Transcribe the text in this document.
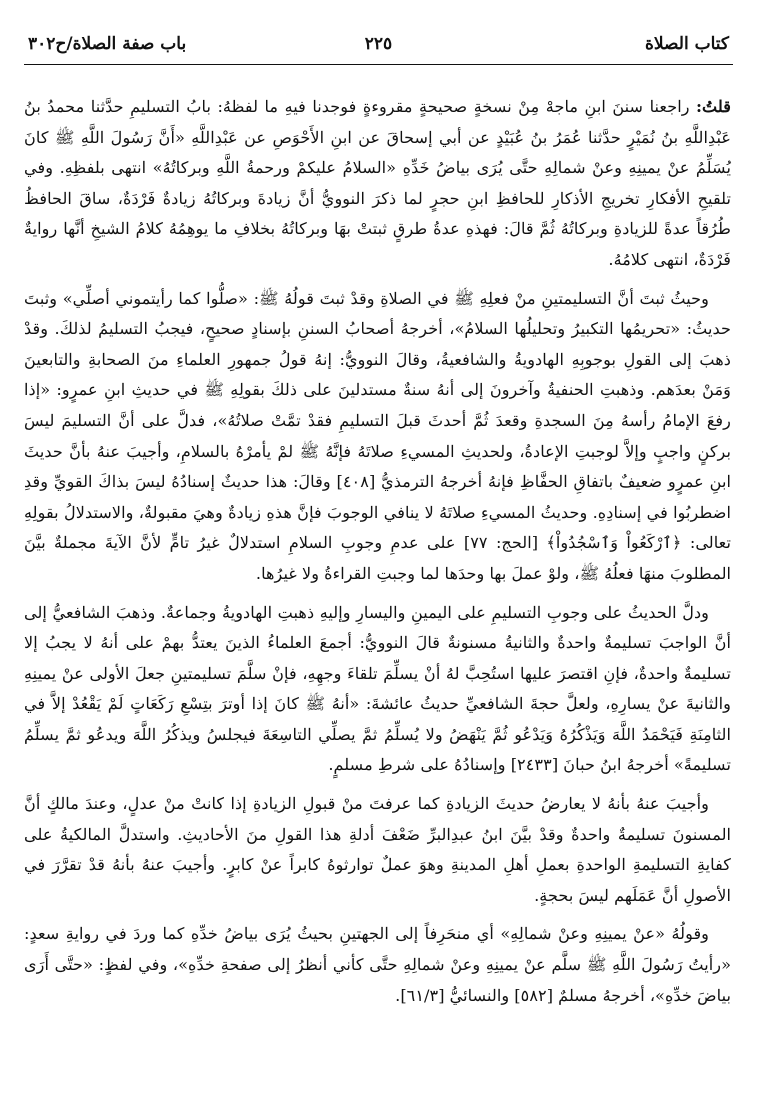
كتاب الصلاة
٢٢٥
باب صفة الصلاة/ح٣٠٢

قلتُ: راجعنا سننَ ابنِ ماجهْ مِنْ نسخةٍ صحيحةٍ مقروءةٍ فوجدنا فيهِ ما لفظهُ: بابُ التسليمِ حدَّثنا محمدُ بنُ عَبْدِاللَّهِ بنُ نُمَيْرٍ حدَّثنا عُمَرُ بنُ عُبَيْدٍ عن أبي إسحاقَ عن ابنِ الأَحْوَصِ عن عَبْدِاللَّهِ «أَنَّ رَسُولَ اللَّهِ ﷺ كانَ يُسَلِّمُ عنْ يمينِهِ وعنْ شمالِهِ حتَّى يُرَى بياضُ خَدِّهِ «السلامُ عليكمْ ورحمةُ اللَّهِ وبركاتُهُ» انتهى بلفظِهِ. وفي تلقيحِ الأفكارِ تخريجِ الأذكارِ للحافظِ ابنِ حجرٍ لما ذكرَ النوويُّ أنَّ زيادةَ وبركاتُهُ زيادةٌ فَرْدَةٌ، ساقَ الحافظُ طُرُقاً عدةً للزيادةِ وبركاتُهُ ثُمَّ قالَ: فهذهِ عدةُ طرقٍ ثبتتْ بهَا وبركاتُهُ بخلافِ ما يوهِمُهُ كلامُ الشيخِ أنَّها روايةٌ فَرْدَةٌ، انتهى كلامُهُ.

وحيثُ ثبتَ أنَّ التسليمتينِ منْ فعلِهِ ﷺ في الصلاةِ وقدْ ثبتَ قولُهُ ﷺ: «صلُّوا كما رأيتموني أصلِّي» وثبتَ حديثُ: «تحريمُها التكبيرُ وتحليلُها السلامُ»، أخرجهُ أصحابُ السننِ بإسنادٍ صحيحٍ، فيجبُ التسليمُ لذلكَ. وقدْ ذهبَ إلى القولِ بوجوبِهِ الهادويةُ والشافعيةُ، وقالَ النوويُّ: إنهُ قولُ جمهورِ العلماءِ منَ الصحابةِ والتابعينَ وَمَنْ بعدَهم. وذهبتِ الحنفيةُ وآخرونَ إلى أنهُ سنةٌ مستدلينَ على ذلكَ بقولِهِ ﷺ في حديثِ ابنِ عمرٍو: «إذا رفعَ الإمامُ رأسهُ مِنَ السجدةِ وقعدَ ثُمَّ أحدثَ قبلَ التسليمِ فقدْ تمَّتْ صلاتُهُ»، فدلَّ على أنَّ التسليمَ ليسَ بركنٍ واجبٍ وإلاَّ لوجبتِ الإعادةُ، ولحديثِ المسيءِ صلاتَهُ فإنَّهُ ﷺ لمْ يأمرْهُ بالسلامِ، وأجيبَ عنهُ بأنَّ حديثَ ابنِ عمرٍو ضعيفٌ باتفاقِ الحفَّاظِ فإنهُ أخرجهُ الترمذيُّ [٤٠٨] وقالَ: هذا حديثٌ إسنادُهُ ليسَ بذاكَ القويِّ وقدِ اضطربُوا في إسنادِهِ. وحديثُ المسيءِ صلاتَهُ لا ينافي الوجوبَ فإنَّ هذهِ زيادةٌ وهيَ مقبولةٌ، والاستدلالُ بقولِهِ تعالى: ﴿ٱرْكَعُواْ وَٱسْجُدُواْ﴾ [الحج: ٧٧] على عدمِ وجوبِ السلامِ استدلالٌ غيرُ تامٍّ لأنَّ الآيةَ مجملةٌ بيَّنَ المطلوبَ منهَا فعلُهُ ﷺ، ولوْ عملَ بها وحدَها لما وجبتِ القراءةُ ولا غيرُها.

ودلَّ الحديثُ على وجوبِ التسليمِ على اليمينِ واليسارِ وإليهِ ذهبتِ الهادويةُ وجماعةٌ. وذهبَ الشافعيُّ إلى أنَّ الواجبَ تسليمةٌ واحدةٌ والثانيةُ مسنونةٌ قالَ النوويُّ: أجمعَ العلماءُ الذينَ يعتدُّ بهمْ على أنهُ لا يجبُ إلا تسليمةٌ واحدةٌ، فإنِ اقتصرَ عليها استُحِبَّ لهُ أنْ يسلِّمَ تلقاءَ وجهِهِ، فإنْ سلَّمَ تسليمتينِ جعلَ الأولى عنْ يمينِهِ والثانيةَ عنْ يسارِهِ، ولعلَّ حجةَ الشافعيِّ حديثُ عائشةَ: «أنهُ ﷺ كانَ إذا أوترَ بتِسْعِ رَكَعَاتٍ لَمْ يَقْعُدْ إلاَّ في الثامِنَةِ فَيَحْمَدُ اللَّهَ وَيَذْكُرُهُ وَيَدْعُو ثُمَّ يَنْهَضُ ولا يُسلِّمُ ثمَّ يصلِّي التاسِعَةَ فيجلسُ ويذكُرُ اللَّهَ ويدعُو ثمَّ يسلِّمُ تسليمةً» أخرجهُ ابنُ حبانَ [٢٤٣٣] وإسنادُهُ على شرطِ مسلمٍ.

وأجيبَ عنهُ بأنهُ لا يعارضُ حديثَ الزيادةِ كما عرفتَ منْ قبولِ الزيادةِ إذا كانتْ منْ عدلٍ، وعندَ مالكٍ أنَّ المسنونَ تسليمةٌ واحدةٌ وقدْ بيَّنَ ابنُ عبدِالبرِّ ضَعْفَ أدلةِ هذا القولِ منَ الأحاديثِ. واستدلَّ المالكيةُ على كفايةِ التسليمةِ الواحدةِ بعملِ أهلِ المدينةِ وهوَ عملٌ توارثوهُ كابراً عنْ كابرٍ. وأجيبَ عنهُ بأنهُ قدْ تقرَّرَ في الأصولِ أنَّ عَمَلَهم ليسَ بحجةٍ.

وقولُهُ «عنْ يمينِهِ وعنْ شمالِهِ» أي منحَرِفاً إلى الجهتينِ بحيثُ يُرَى بياضُ خدِّهِ كما وردَ في روايةِ سعدٍ: «رأيتُ رَسُولَ اللَّهِ ﷺ سلَّم عنْ يمينِهِ وعنْ شمالِهِ حتَّى كأني أنظرُ إلى صفحةِ خدِّهِ»، وفي لفظٍ: «حتَّى أَرَى بياضَ خدِّهِ»، أخرجهُ مسلمٌ [٥٨٢] والنسائيُّ [٦١/٣].
